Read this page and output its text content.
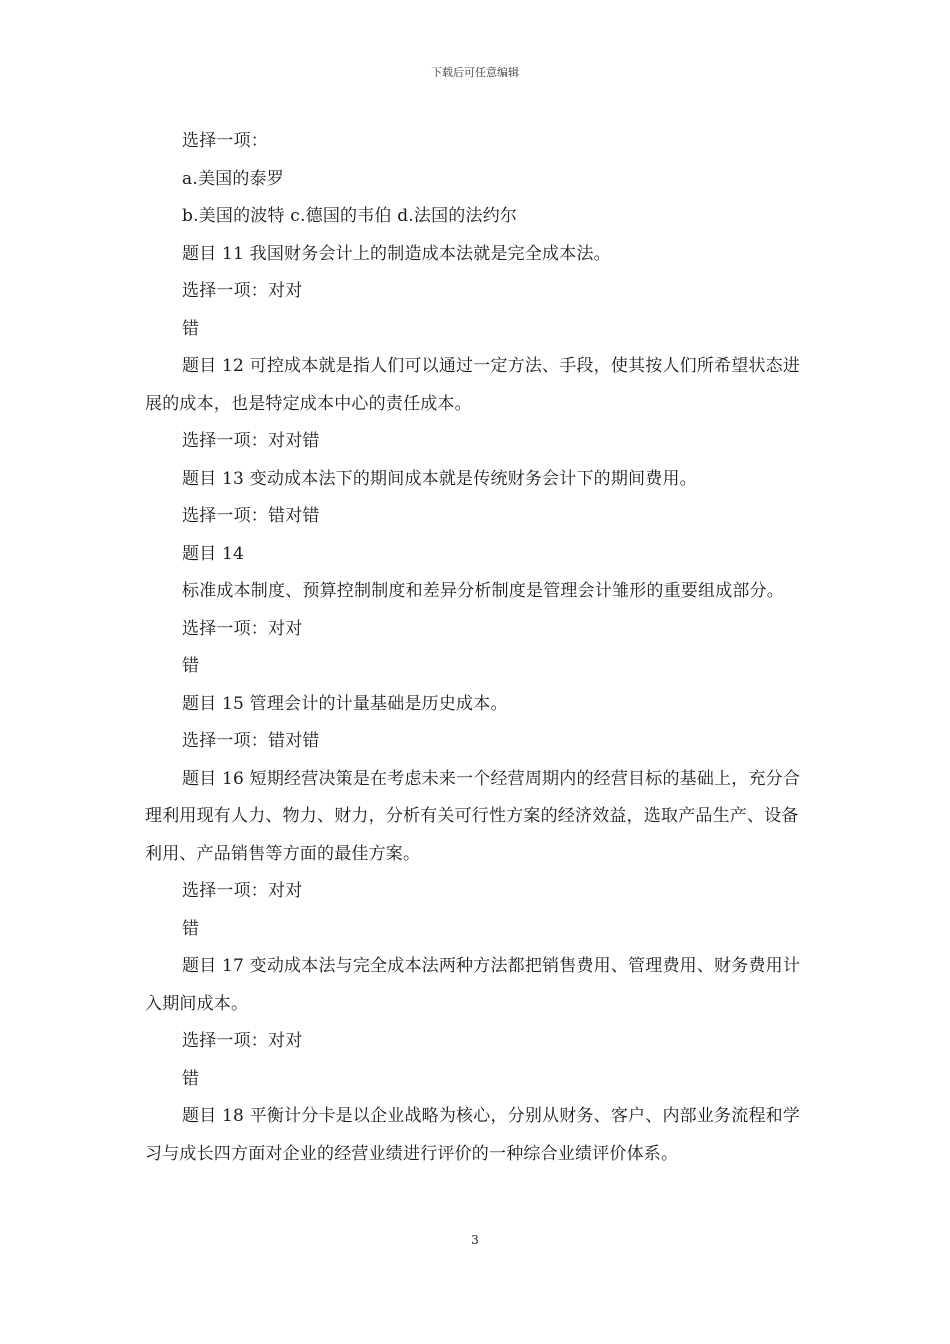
下载后可任意编辑

选择一项：

a.美国的泰罗

b.美国的波特 c.德国的韦伯 d.法国的法约尔

题目 11 我国财务会计上的制造成本法就是完全成本法。

选择一项：对对

错

题目 12 可控成本就是指人们可以通过一定方法、手段，使其按人们所希望状态进展的成本，也是特定成本中心的责任成本。

选择一项：对对错

题目 13 变动成本法下的期间成本就是传统财务会计下的期间费用。

选择一项：错对错

题目 14

标准成本制度、预算控制制度和差异分析制度是管理会计雏形的重要组成部分。

选择一项：对对

错

题目 15 管理会计的计量基础是历史成本。

选择一项：错对错

题目 16 短期经营决策是在考虑未来一个经营周期内的经营目标的基础上，充分合理利用现有人力、物力、财力，分析有关可行性方案的经济效益，选取产品生产、设备利用、产品销售等方面的最佳方案。

选择一项：对对

错

题目 17 变动成本法与完全成本法两种方法都把销售费用、管理费用、财务费用计入期间成本。

选择一项：对对

错

题目 18 平衡计分卡是以企业战略为核心，分别从财务、客户、内部业务流程和学习与成长四方面对企业的经营业绩进行评价的一种综合业绩评价体系。

3
